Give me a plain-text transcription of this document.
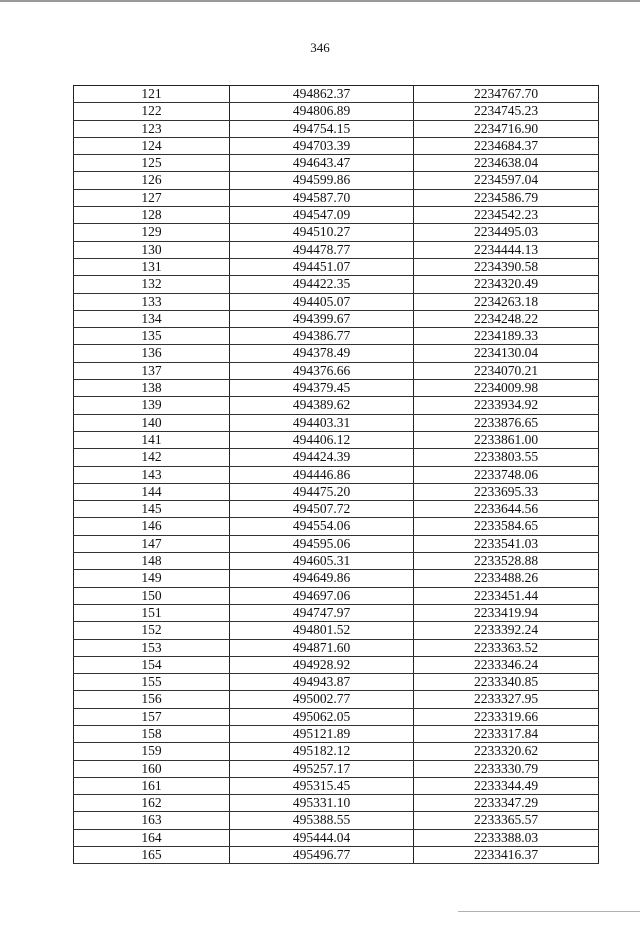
346
121	494862.37	2234767.70
122	494806.89	2234745.23
123	494754.15	2234716.90
124	494703.39	2234684.37
125	494643.47	2234638.04
126	494599.86	2234597.04
127	494587.70	2234586.79
128	494547.09	2234542.23
129	494510.27	2234495.03
130	494478.77	2234444.13
131	494451.07	2234390.58
132	494422.35	2234320.49
133	494405.07	2234263.18
134	494399.67	2234248.22
135	494386.77	2234189.33
136	494378.49	2234130.04
137	494376.66	2234070.21
138	494379.45	2234009.98
139	494389.62	2233934.92
140	494403.31	2233876.65
141	494406.12	2233861.00
142	494424.39	2233803.55
143	494446.86	2233748.06
144	494475.20	2233695.33
145	494507.72	2233644.56
146	494554.06	2233584.65
147	494595.06	2233541.03
148	494605.31	2233528.88
149	494649.86	2233488.26
150	494697.06	2233451.44
151	494747.97	2233419.94
152	494801.52	2233392.24
153	494871.60	2233363.52
154	494928.92	2233346.24
155	494943.87	2233340.85
156	495002.77	2233327.95
157	495062.05	2233319.66
158	495121.89	2233317.84
159	495182.12	2233320.62
160	495257.17	2233330.79
161	495315.45	2233344.49
162	495331.10	2233347.29
163	495388.55	2233365.57
164	495444.04	2233388.03
165	495496.77	2233416.37
